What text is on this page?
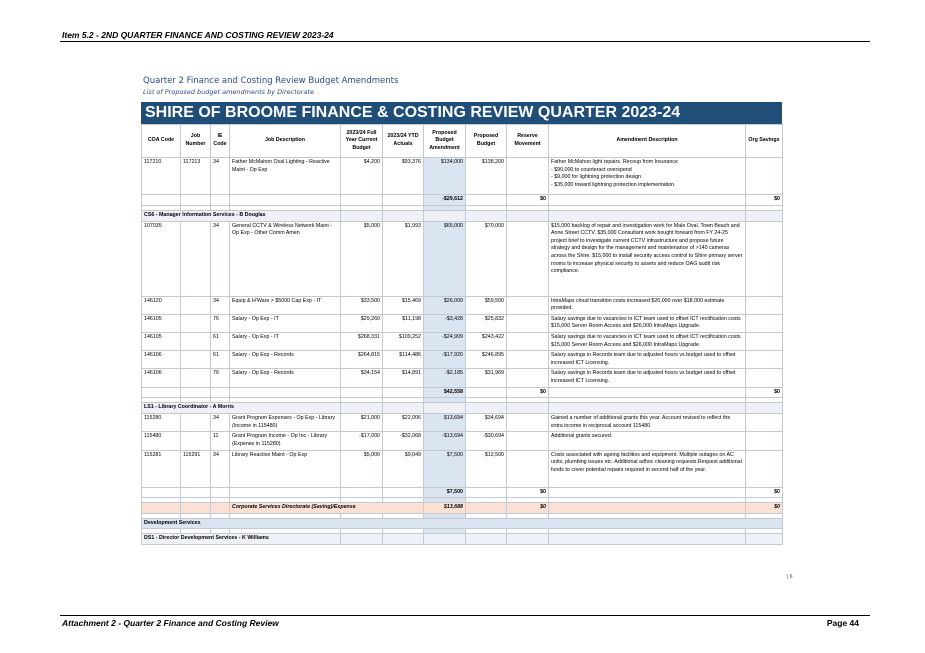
Item 5.2 - 2ND QUARTER FINANCE AND COSTING REVIEW 2023-24
Quarter 2 Finance and Costing Review Budget Amendments
List of Proposed budget amendments by Directorate
SHIRE OF BROOME FINANCE & COSTING REVIEW QUARTER 2023-24
COA Code	Job Number	IE Code	Job Description	2023/24 Full Year Current Budget	2023/24 YTD Actuals	Proposed Budget Amendment	Proposed Budget	Reserve Movement	Amendment Description	Org Savings
117210	117213	34	Father McMahon Oval Lighting - Reactive Maint - Op Exp	$4,200	$93,376	$134,000	$138,200		Father McMahon light repairs. Recoup from Insurance
- $90,000 to counteract overspend
- $9,000 for lightning protection design
- $35,000 toward lightning protection implementation.	
						-$29,612		$0		$0

CS6 - Manager Information Services - B Douglas										
107035		34	General CCTV & Wireless Network Maint - Op Exp - Other Comm Amen	$5,000	$1,993	$65,000	$70,000		$15,000 backlog of repair and investigation work for Male Oval, Town Beach and Anne Street CCTV. $35,000 Consultant work bought forward from FY 24-25 project brief to investigate current CCTV infrastructure and propose future strategy and design for the management and maintenance of >140 cameras across the Shire. $15,000 to install security access control to Shire primary server rooms to increase physical security to assets and reduce OAG audit risk compliance.	
146120		34	Equip & H'Ware > $5000 Cap Exp - IT	$33,500	$15,469	$26,000	$59,500		IntraMaps cloud transition costs increased $26,000 over $18,000 estimate provided.	
146105		76	Salary - Op Exp - IT	$29,260	$11,198	-$3,428	$25,832		Salary savings due to vacancies in ICT team used to offset ICT rectification costs $15,000 Server Room Access and $26,000 IntraMaps Upgrade.	
146105		61	Salary - Op Exp - IT	$268,331	$109,252	-$24,909	$243,422		Salary savings due to vacancies in ICT team used to offset ICT rectification costs $15,000 Server Room Access and $26,000 IntraMaps Upgrade.	
146106		61	Salary - Op Exp - Records	$264,815	$114,486	-$17,920	$246,895		Salary savings in Records team due to adjusted hours vs budget used to offset increased ICT Licensing.	
146106		76	Salary - Op Exp - Records	$34,154	$14,891	-$2,185	$31,969		Salary savings in Records team due to adjusted hours vs budget used to offset increased ICT Licensing.	
						$42,558		$0		$0

LS1 - Library Coordinator - A Morris										
115280		34	Grant Program Expenses - Op Exp - Library (Income in 115480)	$21,000	$22,006	$13,694	$34,694		Gained a number of additional grants this year. Account revised to reflect the extra income in reciprocal account 115480.	
115480		11	Grant Program Income - Op Inc - Library (Expense in 115280)	-$17,000	-$32,068	-$13,694	-$30,694		Additional grants secured.	
115281	115291	34	Library Reactive Maint - Op Exp	$5,000	$9,049	$7,500	$12,500		Costs associated with ageing facilities and equipment. Multiple outages on AC units, plumbing issues etc. Additional adhoc cleaning requests.Request additional funds to cover potential repairs required in second half of the year.	
						$7,500		$0		$0

			Corporate Services Directorate (Saving)/Expense			$13,688		$0		$0

Development Services										

DS1 - Director Development Services - K Williams										
| 6
Attachment 2 - Quarter 2 Finance and Costing Review	Page 44
